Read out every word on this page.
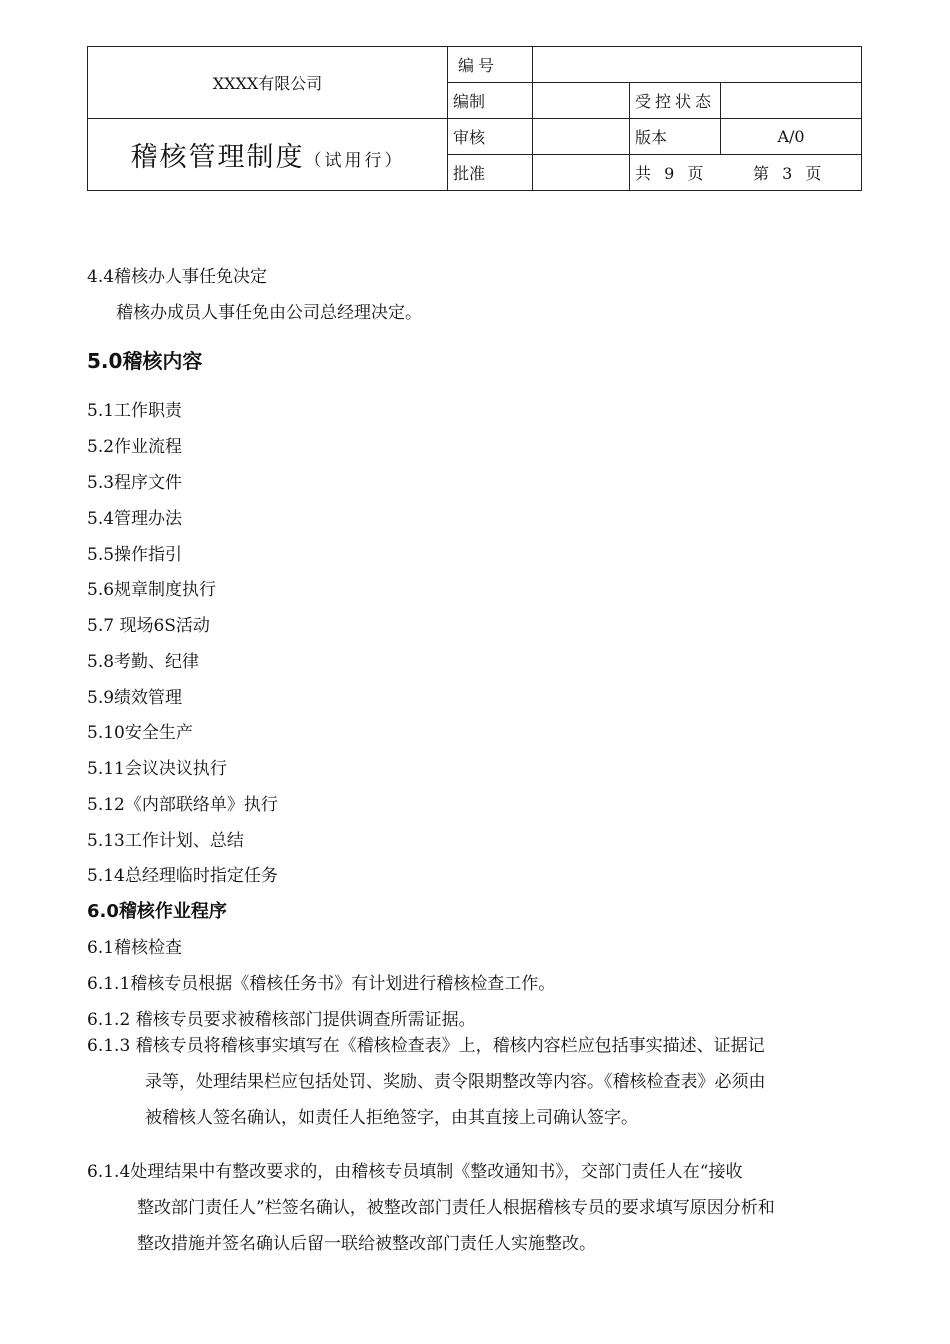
XXXX有限公司	编号			

	编制		受控状态	
稽核管理制度（试用行）	审核		版本	A/0

	批准		共 9 页 第 3 页	
4.4稽核办人事任免决定
稽核办成员人事任免由公司总经理决定。
5.0稽核内容
5.1工作职责
5.2作业流程
5.3程序文件
5.4管理办法
5.5操作指引
5.6规章制度执行
5.7 现场6S活动
5.8考勤、纪律
5.9绩效管理
5.10安全生产
5.11会议决议执行
5.12《内部联络单》执行
5.13工作计划、总结
5.14总经理临时指定任务
6.0稽核作业程序
6.1稽核检查
6.1.1稽核专员根据《稽核任务书》有计划进行稽核检查工作。
6.1.2 稽核专员要求被稽核部门提供调查所需证据。
6.1.3 稽核专员将稽核事实填写在《稽核检查表》上，稽核内容栏应包括事实描述、证据记
录等，处理结果栏应包括处罚、奖励、责令限期整改等内容。《稽核检查表》必须由
被稽核人签名确认，如责任人拒绝签字，由其直接上司确认签字。
6.1.4处理结果中有整改要求的，由稽核专员填制《整改通知书》，交部门责任人在“接收
整改部门责任人”栏签名确认，被整改部门责任人根据稽核专员的要求填写原因分析和
整改措施并签名确认后留一联给被整改部门责任人实施整改。
